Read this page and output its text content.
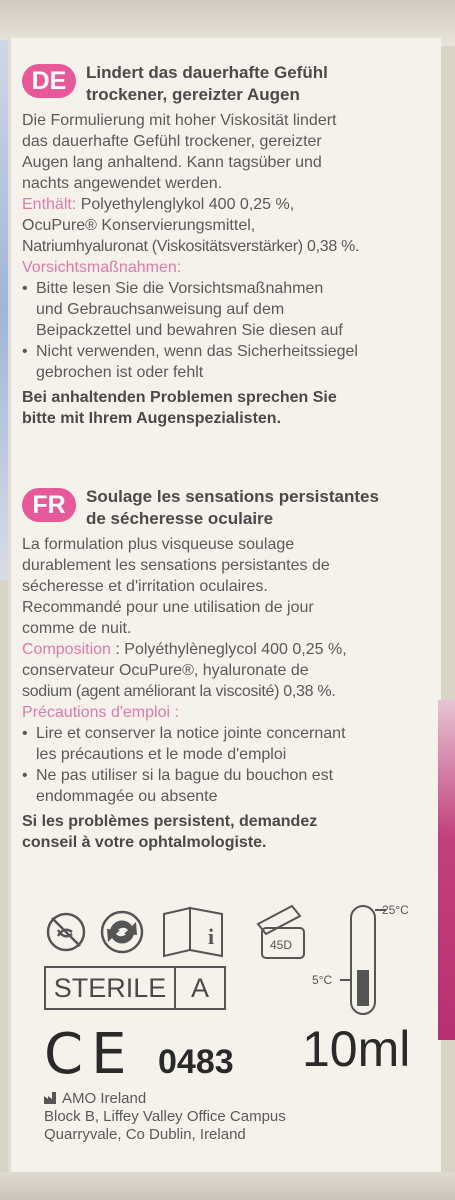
DE	Lindert das dauerhafte Gefühl
trockener, gereizter Augen

Die Formulierung mit hoher Viskosität lindert

das dauerhafte Gefühl trockener, gereizter

Augen lang anhaltend. Kann tagsüber und

nachts angewendet werden.

Enthält: Polyethylenglykol 400 0,25 %,

OcuPure® Konservierungsmittel,

Natriumhyaluronat (Viskositätsverstärker) 0,38 %.

Vorsichtsmaßnahmen:

• Bitte lesen Sie die Vorsichtsmaßnahmen
und Gebrauchsanweisung auf dem
Beipackzettel und bewahren Sie diesen auf
• Nicht verwenden, wenn das Sicherheitssiegel
gebrochen ist oder fehlt

Bei anhaltenden Problemen sprechen Sie

bitte mit Ihrem Augenspezialisten.

FR	Soulage les sensations persistantes
de sécheresse oculaire

La formulation plus visqueuse soulage

durablement les sensations persistantes de

sécheresse et d'irritation oculaires.

Recommandé pour une utilisation de jour

comme de nuit.

Composition : Polyéthylèneglycol 400 0,25 %,

conservateur OcuPure®, hyaluronate de

sodium (agent améliorant la viscosité) 0,38 %.

Précautions d'emploi :

• Lire et conserver la notice jointe concernant
les précautions et le mode d'emploi
• Ne pas utiliser si la bague du bouchon est
endommagée ou absente

Si les problèmes persistent, demandez

conseil à votre ophtalmologiste.

i	45D
25°C
5°C
STERILE A
CE 0483 10ml
AMO Ireland
Block B, Liffey Valley Office Campus
Quarryvale, Co Dublin, Ireland
